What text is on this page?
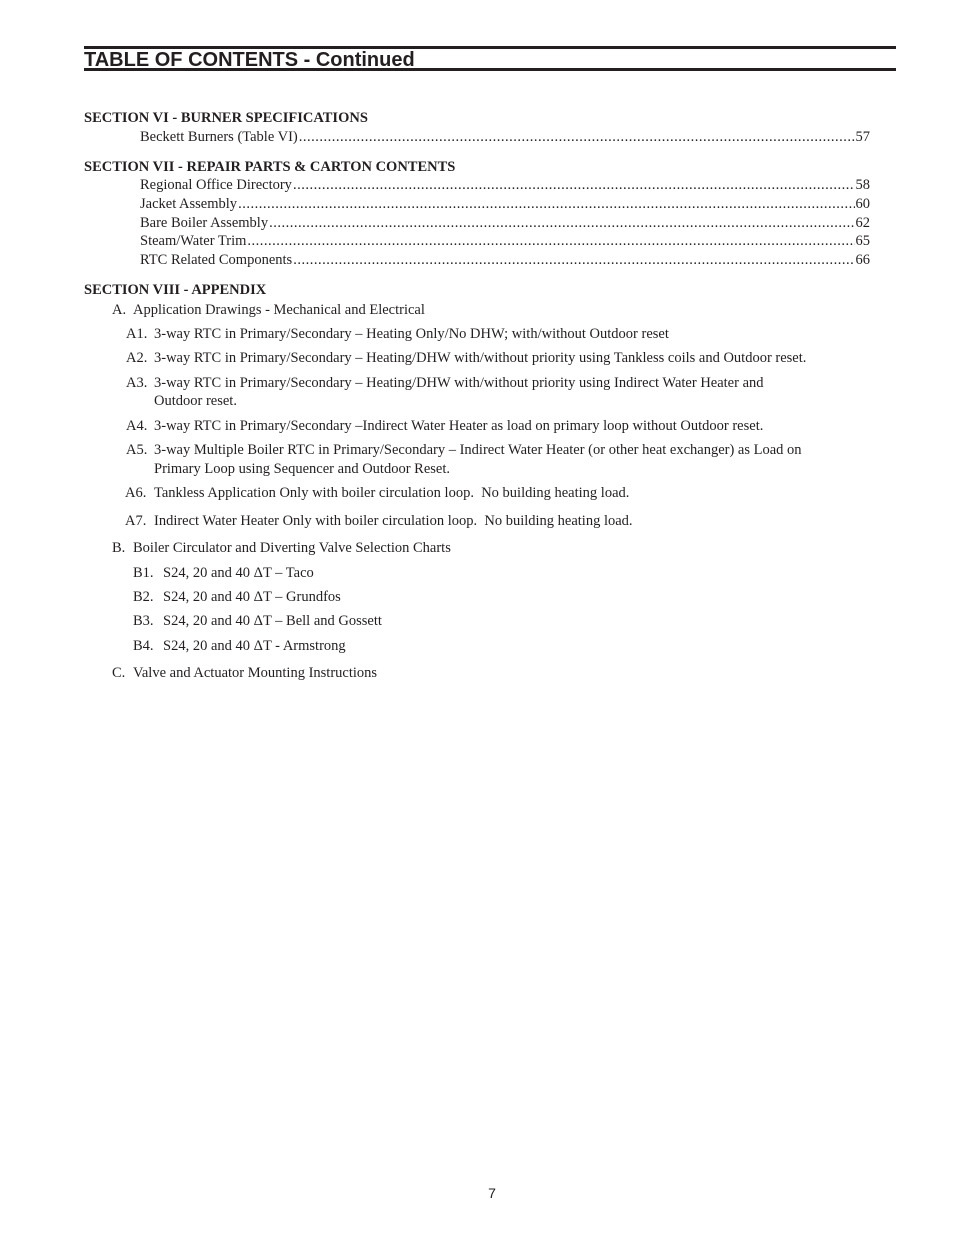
TABLE OF CONTENTS - Continued
SECTION VI - BURNER SPECIFICATIONS
Beckett Burners (Table VI) .....	57
SECTION VII - REPAIR PARTS & CARTON CONTENTS
Regional Office Directory .....	58
Jacket Assembly .....	60
Bare Boiler Assembly .....	62
Steam/Water Trim .....	65
RTC Related Components .....	66
SECTION VIII - APPENDIX
A. Application Drawings - Mechanical and Electrical
A1. 3-way RTC in Primary/Secondary – Heating Only/No DHW; with/without Outdoor reset
A2. 3-way RTC in Primary/Secondary – Heating/DHW with/without priority using Tankless coils and Outdoor reset.
A3. 3-way RTC in Primary/Secondary – Heating/DHW with/without priority using Indirect Water Heater and
Outdoor reset.
A4. 3-way RTC in Primary/Secondary –Indirect Water Heater as load on primary loop without Outdoor reset.
A5. 3-way Multiple Boiler RTC in Primary/Secondary – Indirect Water Heater (or other heat exchanger) as Load on
Primary Loop using Sequencer and Outdoor Reset.
A6. Tankless Application Only with boiler circulation loop.  No building heating load.
A7. Indirect Water Heater Only with boiler circulation loop.  No building heating load.
B. Boiler Circulator and Diverting Valve Selection Charts
B1. S24, 20 and 40 ΔT – Taco
B2. S24, 20 and 40 ΔT – Grundfos
B3. S24, 20 and 40 ΔT – Bell and Gossett
B4. S24, 20 and 40 ΔT - Armstrong
C. Valve and Actuator Mounting Instructions
7
